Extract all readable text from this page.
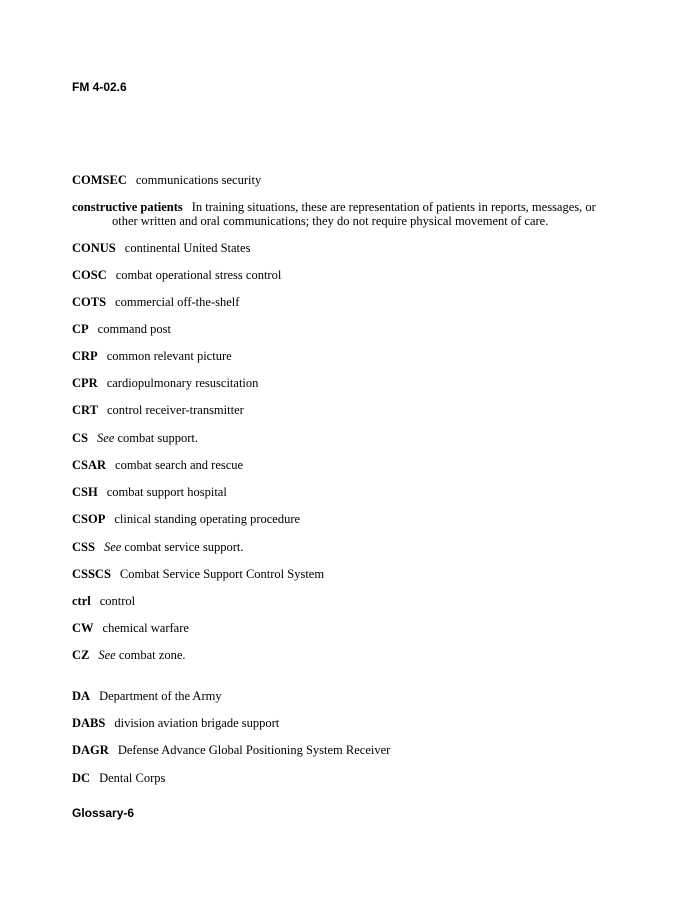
FM 4-02.6

COMSEC communications security

constructive patients In training situations, these are representation of patients in reports, messages, or
other written and oral communications; they do not require physical movement of care.

CONUS continental United States

COSC combat operational stress control

COTS commercial off-the-shelf

CP command post

CRP common relevant picture

CPR cardiopulmonary resuscitation

CRT control receiver-transmitter

CS See combat support.

CSAR combat search and rescue

CSH combat support hospital

CSOP clinical standing operating procedure

CSS See combat service support.

CSSCS Combat Service Support Control System

ctrl control

CW chemical warfare

CZ See combat zone.

DA Department of the Army

DABS division aviation brigade support

DAGR Defense Advance Global Positioning System Receiver

DC Dental Corps

Glossary-6
